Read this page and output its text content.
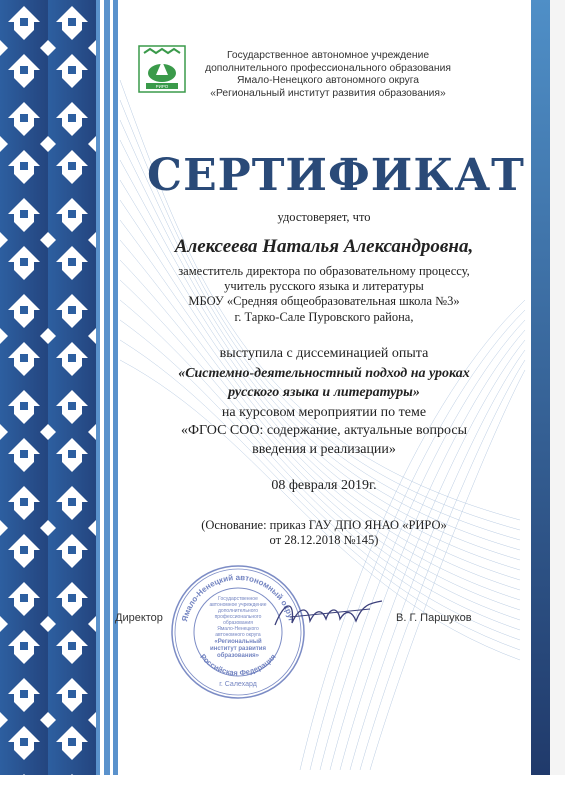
РИРО
Государственное автономное учреждение
дополнительного профессионального образования
Ямало-Ненецкого автономного округа
«Региональный институт развития образования»
СЕРТИФИКАТ
удостоверяет, что
Алексеева Наталья Александровна,
заместитель директора по образовательному процессу,
учитель русского языка и литературы
МБОУ «Средняя общеобразовательная школа №3»
г. Тарко-Сале Пуровского района,
выступила с диссеминацией опыта
«Системно-деятельностный подход на уроках
русского языка и литературы»
на курсовом мероприятии по теме
«ФГОС СОО: содержание, актуальные вопросы
введения и реализации»
08 февраля 2019г.
(Основание: приказ ГАУ ДПО ЯНАО «РИРО»
от 28.12.2018 №145)
Ямало-Ненецкий автономный округ
Российская Федерация
Государственное
автономное учреждение
дополнительного
профессионального
образования
Ямало-Ненецкого
автономного округа
«Региональный
институт развития
образования»
г. Салехард
Директор	В. Г. Паршуков
